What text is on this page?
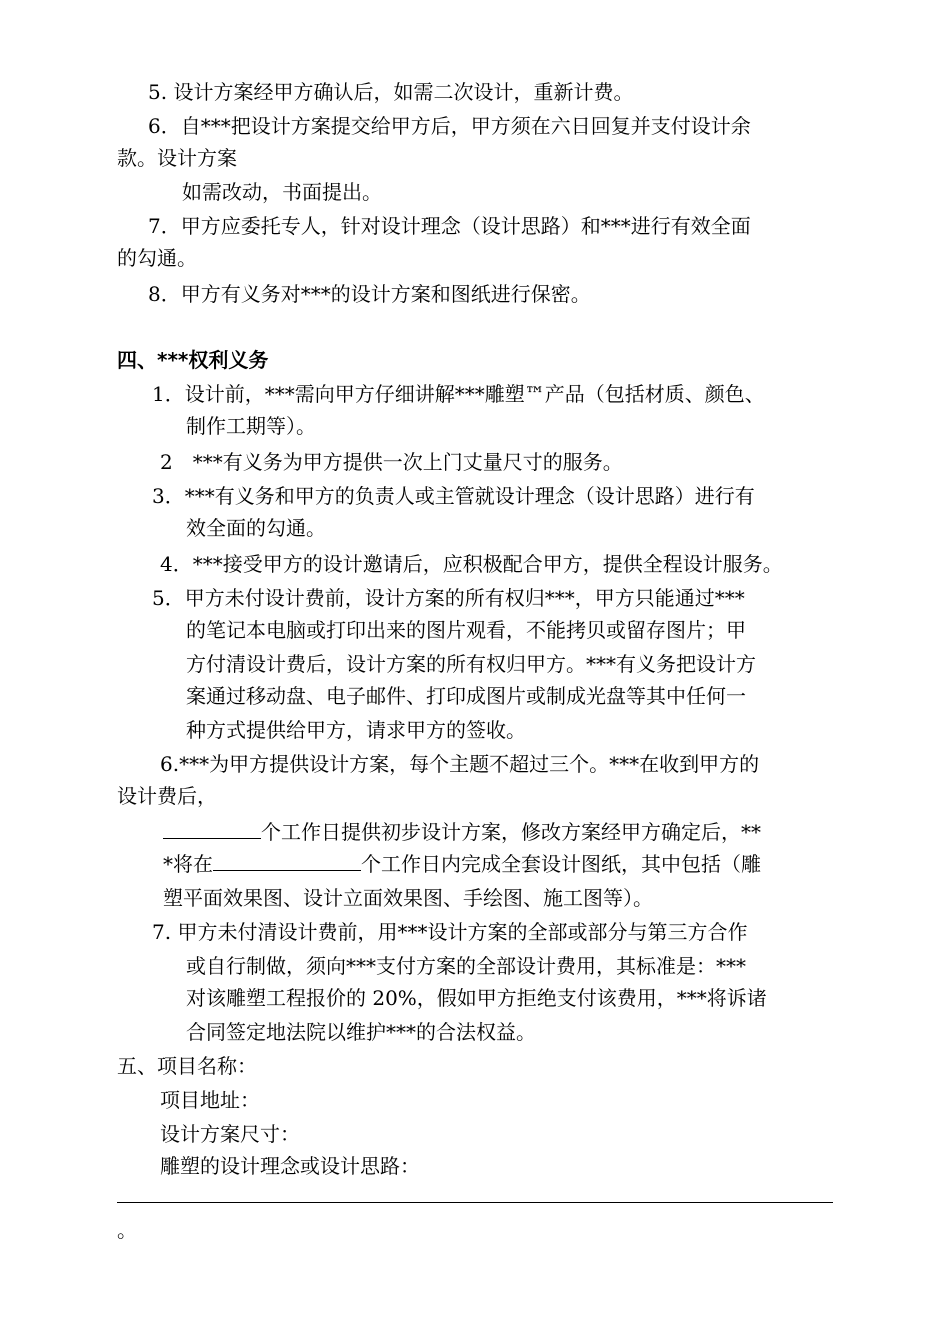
5. 设计方案经甲方确认后，如需二次设计，重新计费。
6．自***把设计方案提交给甲方后，甲方须在六日回复并支付设计余
款。设计方案
如需改动，书面提出。
7．甲方应委托专人，针对设计理念（设计思路）和***进行有效全面
的勾通。
8．甲方有义务对***的设计方案和图纸进行保密。
四、***权利义务
1．设计前，***需向甲方仔细讲解***雕塑™产品（包括材质、颜色、
制作工期等）。
2　***有义务为甲方提供一次上门丈量尺寸的服务。
3．***有义务和甲方的负责人或主管就设计理念（设计思路）进行有
效全面的勾通。
4．***接受甲方的设计邀请后，应积极配合甲方，提供全程设计服务。
5．甲方未付设计费前，设计方案的所有权归***，甲方只能通过***
的笔记本电脑或打印出来的图片观看，不能拷贝或留存图片；甲
方付清设计费后，设计方案的所有权归甲方。***有义务把设计方
案通过移动盘、电子邮件、打印成图片或制成光盘等其中任何一
种方式提供给甲方，请求甲方的签收。
6.***为甲方提供设计方案，每个主题不超过三个。***在收到甲方的
设计费后，
个工作日提供初步设计方案，修改方案经甲方确定后，**
*将在	个工作日内完成全套设计图纸，其中包括（雕
塑平面效果图、设计立面效果图、手绘图、施工图等）。
7. 甲方未付清设计费前，用***设计方案的全部或部分与第三方合作
或自行制做，须向***支付方案的全部设计费用，其标准是：***
对该雕塑工程报价的 20%，假如甲方拒绝支付该费用，***将诉诸
合同签定地法院以维护***的合法权益。
五、项目名称：
项目地址：
设计方案尺寸：
雕塑的设计理念或设计思路：
。
